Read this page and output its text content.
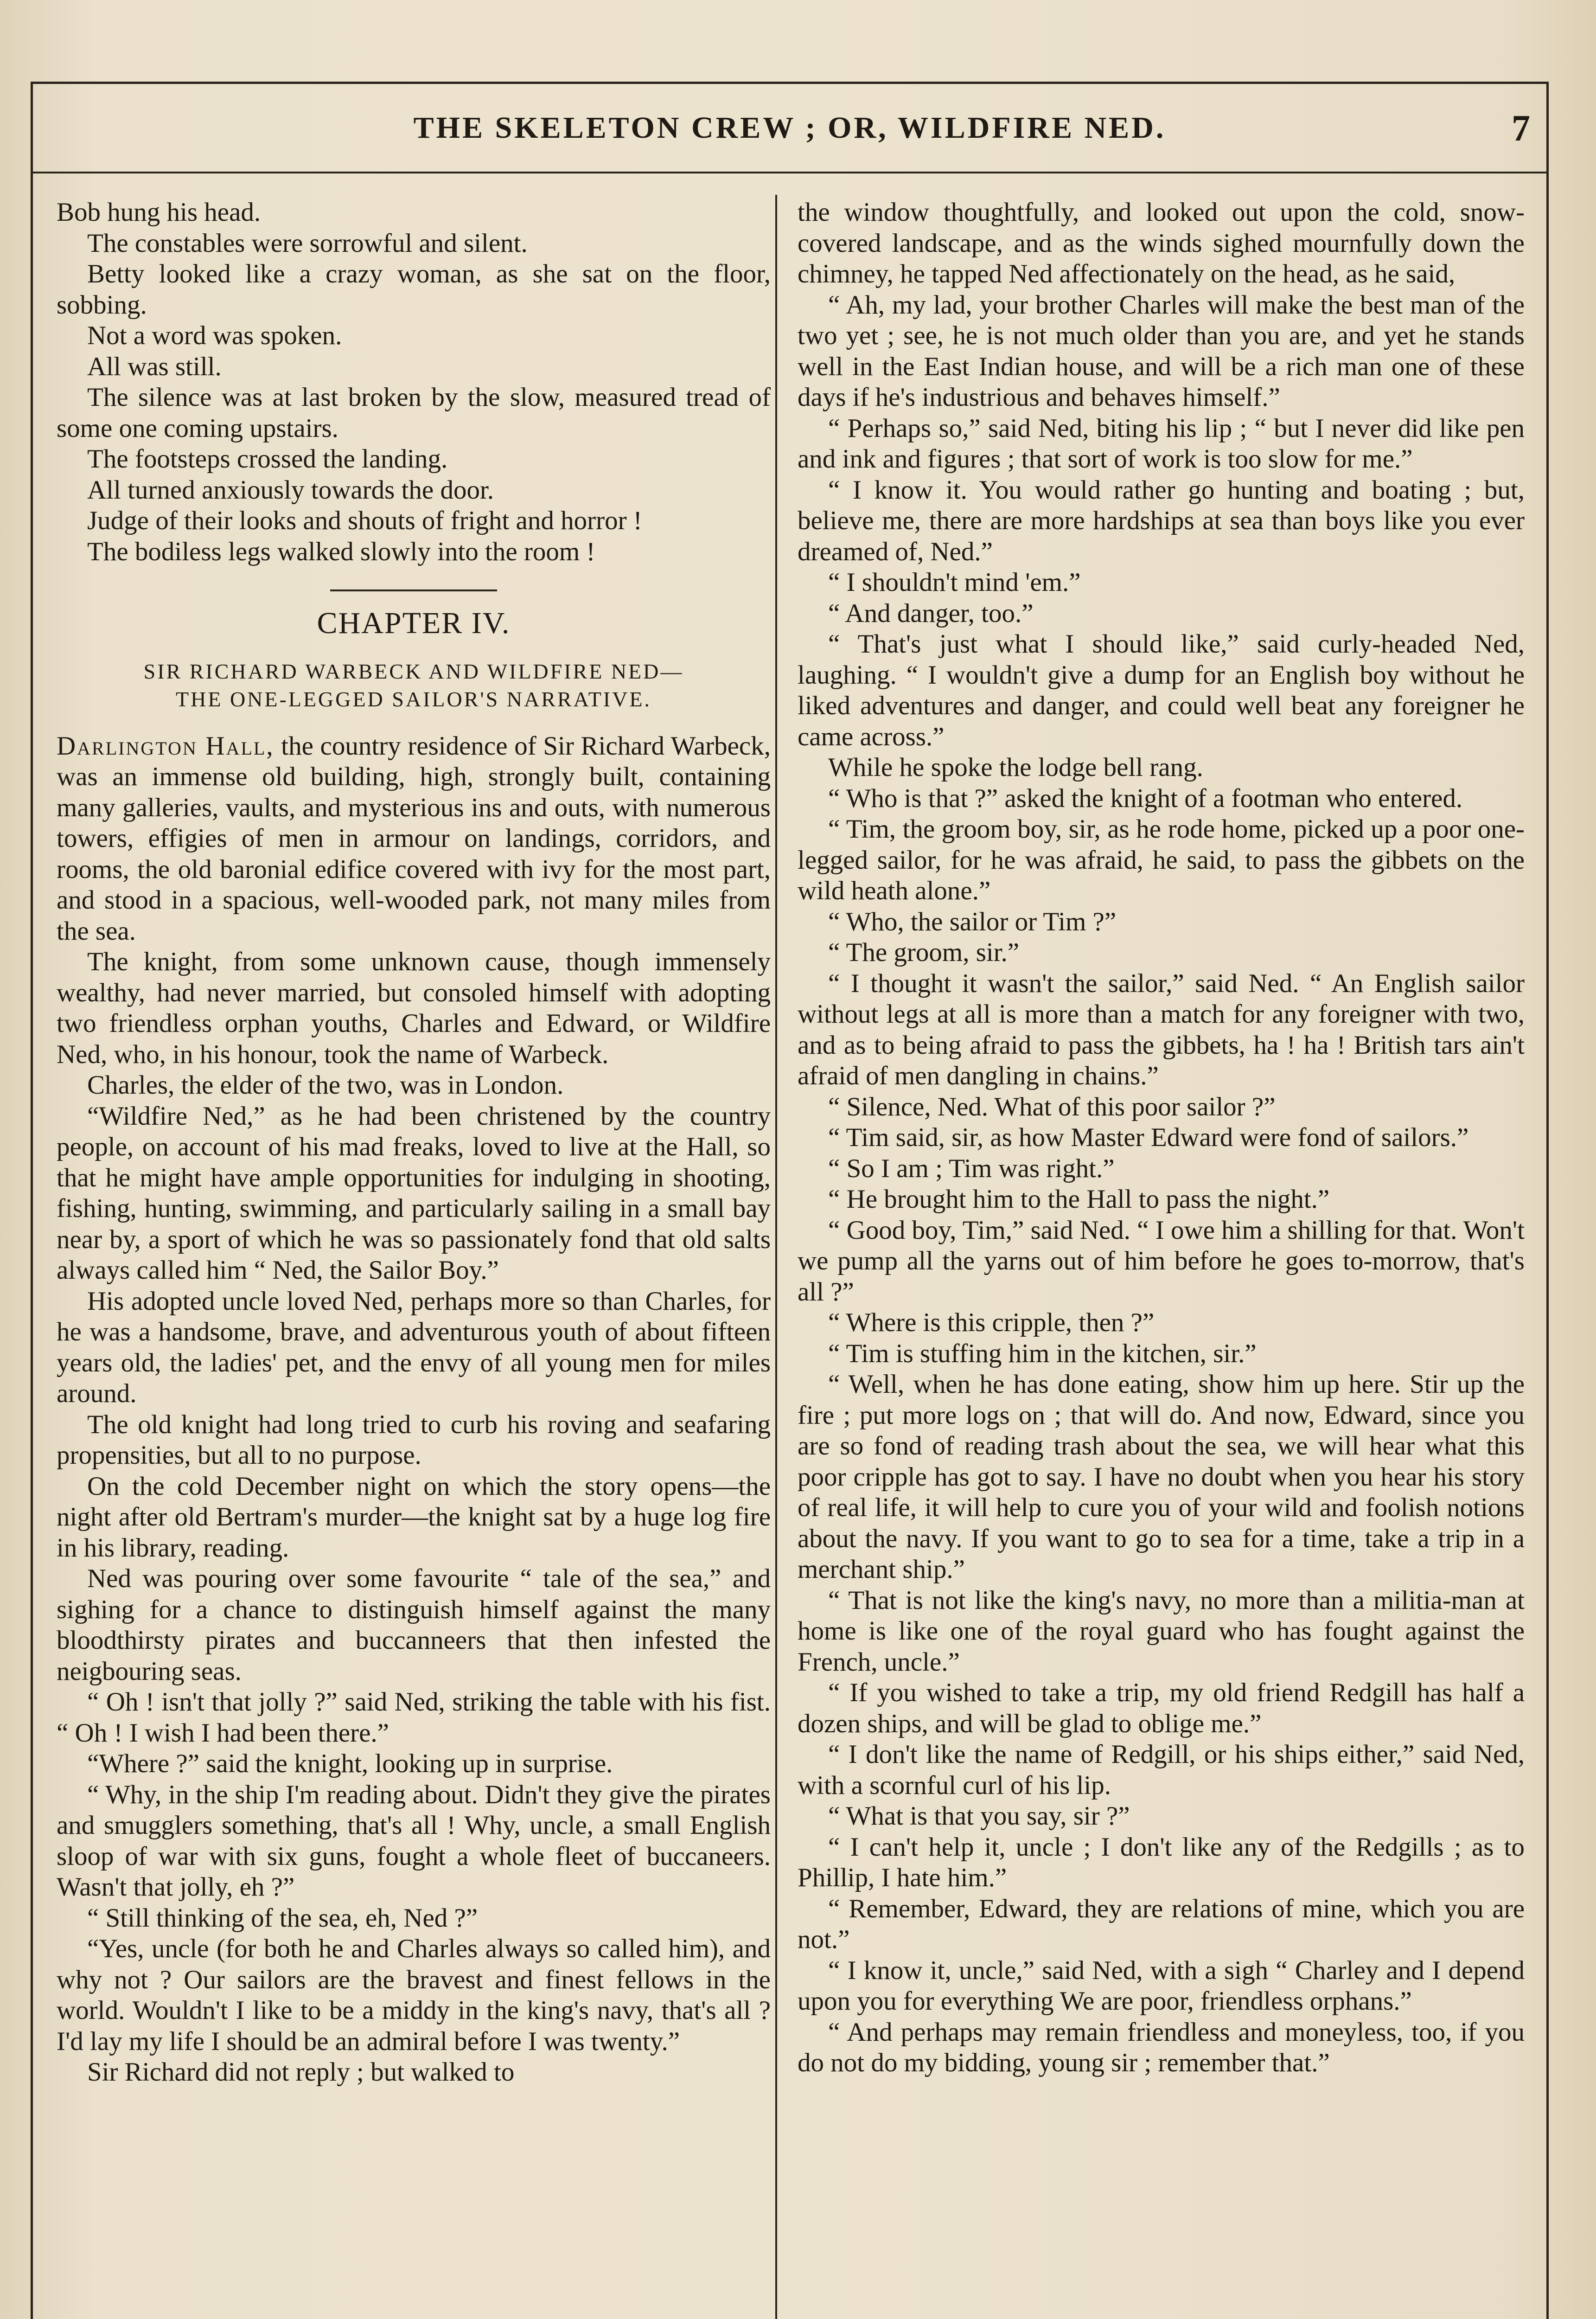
THE SKELETON CREW ; OR, WILDFIRE NED.	7

Bob hung his head.

The constables were sorrowful and silent.

Betty looked like a crazy woman, as she sat on the floor, sobbing.

Not a word was spoken.

All was still.

The silence was at last broken by the slow, measured tread of some one coming upstairs.

The footsteps crossed the landing.

All turned anxiously towards the door.

Judge of their looks and shouts of fright and horror !

The bodiless legs walked slowly into the room !

CHAPTER IV.
SIR RICHARD WARBECK AND WILDFIRE NED—
THE ONE-LEGGED SAILOR'S NARRATIVE.

Darlington Hall, the country residence of Sir Richard Warbeck, was an immense old building, high, strongly built, containing many galleries, vaults, and mysterious ins and outs, with numerous towers, effigies of men in armour on landings, corridors, and rooms, the old baronial edifice covered with ivy for the most part, and stood in a spacious, well-wooded park, not many miles from the sea.

The knight, from some unknown cause, though immensely wealthy, had never married, but consoled himself with adopting two friendless orphan youths, Charles and Edward, or Wildfire Ned, who, in his honour, took the name of Warbeck.

Charles, the elder of the two, was in London.

“Wildfire Ned,” as he had been christened by the country people, on account of his mad freaks, loved to live at the Hall, so that he might have ample opportunities for indulging in shooting, fishing, hunting, swimming, and particularly sailing in a small bay near by, a sport of which he was so passionately fond that old salts always called him “ Ned, the Sailor Boy.”

His adopted uncle loved Ned, perhaps more so than Charles, for he was a handsome, brave, and adventurous youth of about fifteen years old, the ladies' pet, and the envy of all young men for miles around.

The old knight had long tried to curb his roving and seafaring propensities, but all to no purpose.

On the cold December night on which the story opens—the night after old Bertram's murder—the knight sat by a huge log fire in his library, reading.

Ned was pouring over some favourite “ tale of the sea,” and sighing for a chance to distinguish himself against the many bloodthirsty pirates and buccanneers that then infested the neigbouring seas.

“ Oh ! isn't that jolly ?” said Ned, striking the table with his fist. “ Oh ! I wish I had been there.”

“Where ?” said the knight, looking up in surprise.

“ Why, in the ship I'm reading about. Didn't they give the pirates and smugglers something, that's all ! Why, uncle, a small English sloop of war with six guns, fought a whole fleet of buccaneers. Wasn't that jolly, eh ?”

“ Still thinking of the sea, eh, Ned ?”

“Yes, uncle (for both he and Charles always so called him), and why not ? Our sailors are the bravest and finest fellows in the world. Wouldn't I like to be a middy in the king's navy, that's all ? I'd lay my life I should be an admiral before I was twenty.”

Sir Richard did not reply ; but walked to

the window thoughtfully, and looked out upon the cold, snow-covered landscape, and as the winds sighed mournfully down the chimney, he tapped Ned affectionately on the head, as he said,

“ Ah, my lad, your brother Charles will make the best man of the two yet ; see, he is not much older than you are, and yet he stands well in the East Indian house, and will be a rich man one of these days if he's industrious and behaves himself.”

“ Perhaps so,” said Ned, biting his lip ; “ but I never did like pen and ink and figures ; that sort of work is too slow for me.”

“ I know it. You would rather go hunting and boating ; but, believe me, there are more hardships at sea than boys like you ever dreamed of, Ned.”

“ I shouldn't mind 'em.”

“ And danger, too.”

“ That's just what I should like,” said curly-headed Ned, laughing. “ I wouldn't give a dump for an English boy without he liked adventures and danger, and could well beat any foreigner he came across.”

While he spoke the lodge bell rang.

“ Who is that ?” asked the knight of a footman who entered.

“ Tim, the groom boy, sir, as he rode home, picked up a poor one-legged sailor, for he was afraid, he said, to pass the gibbets on the wild heath alone.”

“ Who, the sailor or Tim ?”

“ The groom, sir.”

“ I thought it wasn't the sailor,” said Ned. “ An English sailor without legs at all is more than a match for any foreigner with two, and as to being afraid to pass the gibbets, ha ! ha ! British tars ain't afraid of men dangling in chains.”

“ Silence, Ned. What of this poor sailor ?”

“ Tim said, sir, as how Master Edward were fond of sailors.”

“ So I am ; Tim was right.”

“ He brought him to the Hall to pass the night.”

“ Good boy, Tim,” said Ned. “ I owe him a shilling for that. Won't we pump all the yarns out of him before he goes to-morrow, that's all ?”

“ Where is this cripple, then ?”

“ Tim is stuffing him in the kitchen, sir.”

“ Well, when he has done eating, show him up here. Stir up the fire ; put more logs on ; that will do. And now, Edward, since you are so fond of reading trash about the sea, we will hear what this poor cripple has got to say. I have no doubt when you hear his story of real life, it will help to cure you of your wild and foolish notions about the navy. If you want to go to sea for a time, take a trip in a merchant ship.”

“ That is not like the king's navy, no more than a militia-man at home is like one of the royal guard who has fought against the French, uncle.”

“ If you wished to take a trip, my old friend Redgill has half a dozen ships, and will be glad to oblige me.”

“ I don't like the name of Redgill, or his ships either,” said Ned, with a scornful curl of his lip.

“ What is that you say, sir ?”

“ I can't help it, uncle ; I don't like any of the Redgills ; as to Phillip, I hate him.”

“ Remember, Edward, they are relations of mine, which you are not.”

“ I know it, uncle,” said Ned, with a sigh “ Charley and I depend upon you for everything We are poor, friendless orphans.”

“ And perhaps may remain friendless and moneyless, too, if you do not do my bidding, young sir ; remember that.”
